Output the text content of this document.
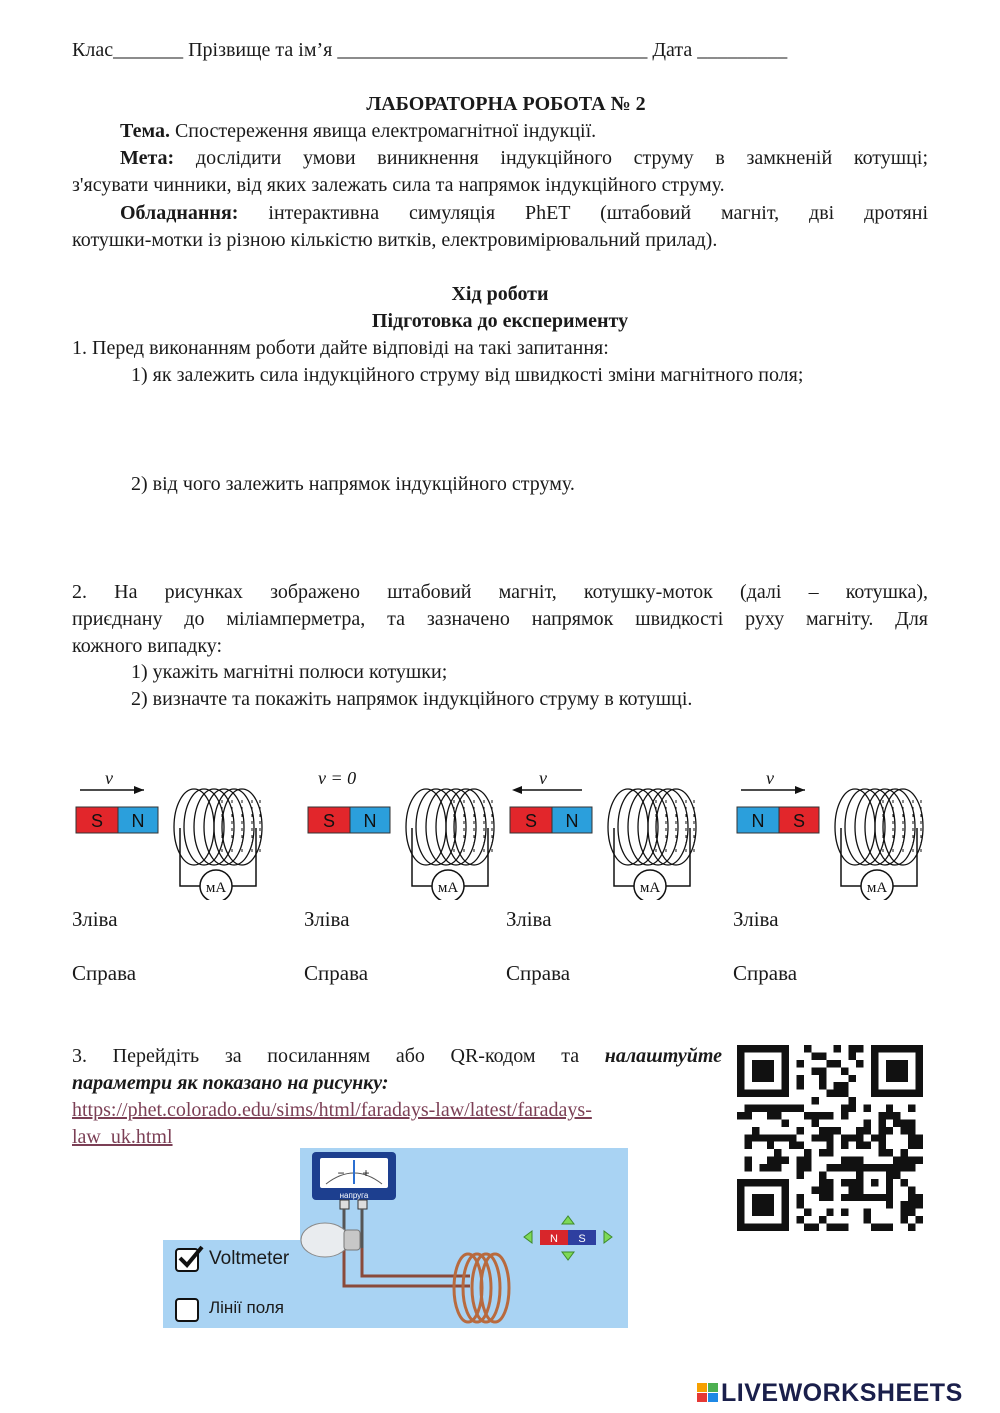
Клас_______ Прізвище та ім’я _______________________________ Дата _________
ЛАБОРАТОРНА РОБОТА № 2
Тема. Спостереження явища електромагнітної індукції.
Мета: дослідити умови виникнення індукційного струму в замкненій котушці;
з'ясувати чинники, від яких залежать сила та напрямок індукційного струму.
Обладнання: інтерактивна симуляція PhET (штабовий магніт, дві дротяні
котушки-мотки із різною кількістю витків, електровимірювальний прилад).
Хід роботи
Підготовка до експерименту
1. Перед виконанням роботи дайте відповіді на такі запитання:
1) як залежить сила індукційного струму від швидкості зміни магнітного поля;
2) від чого залежить напрямок індукційного струму.
2. На рисунках зображено штабовий магніт, котушку-моток (далі – котушка),
приєднану до міліамперметра, та зазначено напрямок швидкості руху магніту. Для
кожного випадку:
1) укажіть магнітні полюси котушки;
2) визначте та покажіть напрямок індукційного струму в котушці.
S N
v⃗
мA
Зліва
Справа
S N
v = 0
мA
Зліва
Справа
S N
v⃗
мA
Зліва
Справа
N S
v⃗
мA
Зліва
Справа
3. Перейдіть за посиланням або QR-кодом та налаштуйте
параметри як показано на рисунку:
https://phet.colorado.edu/sims/html/faradays-law/latest/faradays-
law_uk.html
Voltmeter
Лінії поля
− +
напруга
N S
LIVEWORKSHEETS
